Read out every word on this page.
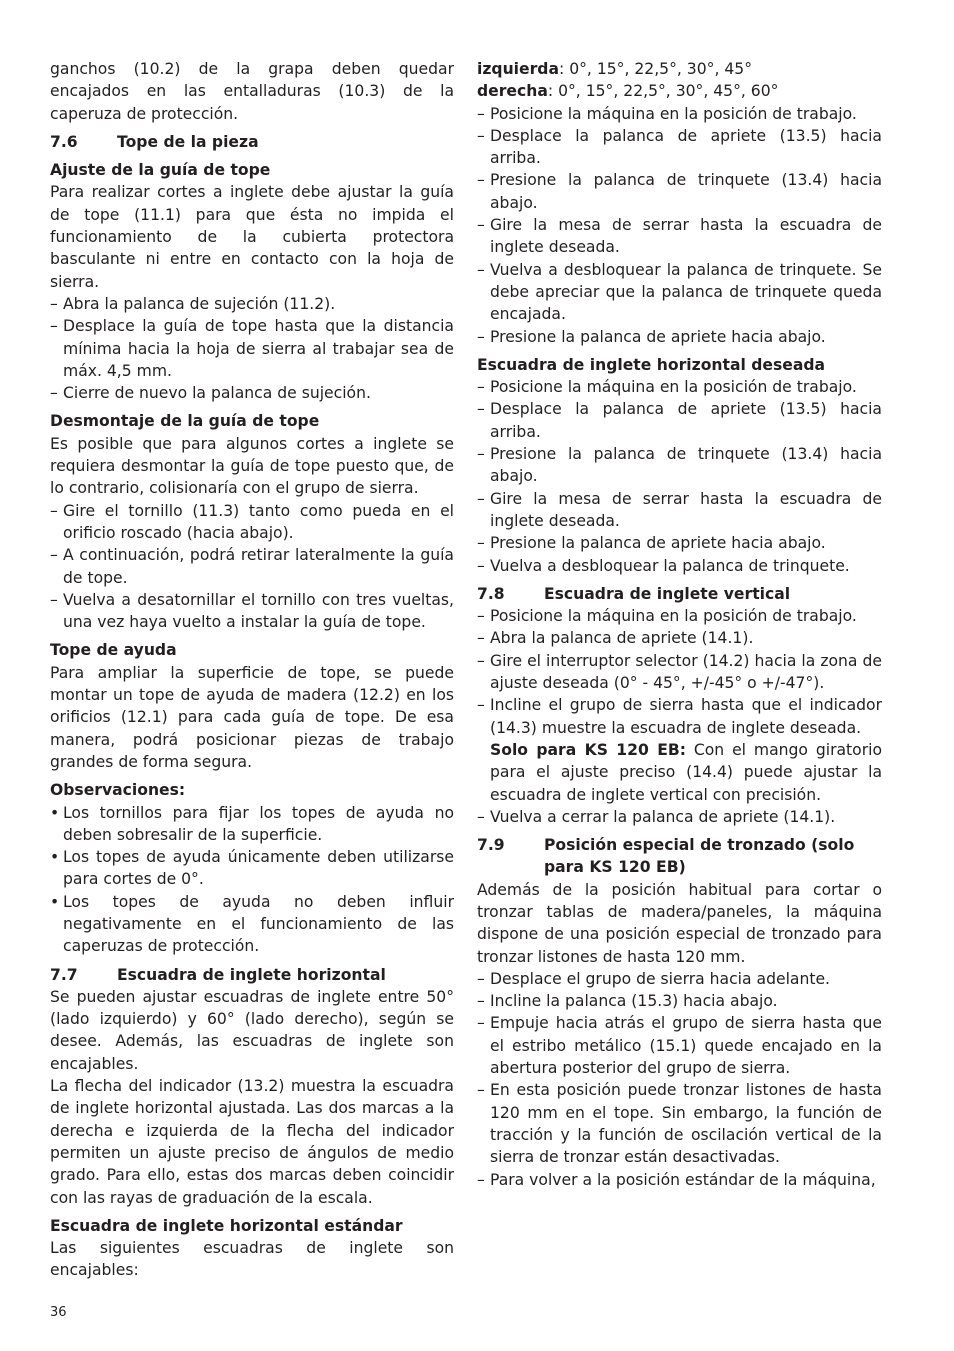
ganchos (10.2) de la grapa deben quedar encajados en las entalladuras (10.3) de la caperuza de protección.

7.6	Tope de la pieza
Ajuste de la guía de tope

Para realizar cortes a inglete debe ajustar la guía de tope (11.1) para que ésta no impida el funcionamiento de la cubierta protectora basculante ni entre en contacto con la hoja de sierra.

– Abra la palanca de sujeción (11.2).
– Desplace la guía de tope hasta que la distancia mínima hacia la hoja de sierra al trabajar sea de máx. 4,5 mm.
– Cierre de nuevo la palanca de sujeción.
Desmontaje de la guía de tope

Es posible que para algunos cortes a inglete se requiera desmontar la guía de tope puesto que, de lo contrario, colisionaría con el grupo de sierra.

– Gire el tornillo (11.3) tanto como pueda en el orificio roscado (hacia abajo).
– A continuación, podrá retirar lateralmente la guía de tope.
– Vuelva a desatornillar el tornillo con tres vueltas, una vez haya vuelto a instalar la guía de tope.
Tope de ayuda

Para ampliar la superficie de tope, se puede montar un tope de ayuda de madera (12.2) en los orificios (12.1) para cada guía de tope. De esa manera, podrá posicionar piezas de trabajo grandes de forma segura.

Observaciones:
• Los tornillos para fijar los topes de ayuda no deben sobresalir de la superficie.
• Los topes de ayuda únicamente deben utilizarse para cortes de 0°.
• Los topes de ayuda no deben influir negativamente en el funcionamiento de las caperuzas de protección.
7.7	Escuadra de inglete horizontal

Se pueden ajustar escuadras de inglete entre 50° (lado izquierdo) y 60° (lado derecho), según se desee. Además, las escuadras de inglete son encajables.

La flecha del indicador (13.2) muestra la escuadra de inglete horizontal ajustada. Las dos marcas a la derecha e izquierda de la flecha del indicador permiten un ajuste preciso de ángulos de medio grado. Para ello, estas dos marcas deben coincidir con las rayas de graduación de la escala.

Escuadra de inglete horizontal estándar

Las siguientes escuadras de inglete son encajables:

izquierda: 0°, 15°, 22,5°, 30°, 45°
derecha: 0°, 15°, 22,5°, 30°, 45°, 60°
– Posicione la máquina en la posición de trabajo.
– Desplace la palanca de apriete (13.5) hacia arriba.
– Presione la palanca de trinquete (13.4) hacia abajo.
– Gire la mesa de serrar hasta la escuadra de inglete deseada.
– Vuelva a desbloquear la palanca de trinquete. Se debe apreciar que la palanca de trinquete queda encajada.
– Presione la palanca de apriete hacia abajo.
Escuadra de inglete horizontal deseada
– Posicione la máquina en la posición de trabajo.
– Desplace la palanca de apriete (13.5) hacia arriba.
– Presione la palanca de trinquete (13.4) hacia abajo.
– Gire la mesa de serrar hasta la escuadra de inglete deseada.
– Presione la palanca de apriete hacia abajo.
– Vuelva a desbloquear la palanca de trinquete.
7.8	Escuadra de inglete vertical
– Posicione la máquina en la posición de trabajo.
– Abra la palanca de apriete (14.1).
– Gire el interruptor selector (14.2) hacia la zona de ajuste deseada (0° - 45°, +/-45° o +/-47°).
– Incline el grupo de sierra hasta que el indicador (14.3) muestre la escuadra de inglete deseada.
Solo para KS 120 EB: Con el mango giratorio para el ajuste preciso (14.4) puede ajustar la escuadra de inglete vertical con precisión.
– Vuelva a cerrar la palanca de apriete (14.1).
7.9	Posición especial de tronzado (solo para KS 120 EB)

Además de la posición habitual para cortar o tronzar tablas de madera/paneles, la máquina dispone de una posición especial de tronzado para tronzar listones de hasta 120 mm.

– Desplace el grupo de sierra hacia adelante.
– Incline la palanca (15.3) hacia abajo.
– Empuje hacia atrás el grupo de sierra hasta que el estribo metálico (15.1) quede encajado en la abertura posterior del grupo de sierra.
– En esta posición puede tronzar listones de hasta 120 mm en el tope. Sin embargo, la función de tracción y la función de oscilación vertical de la sierra de tronzar están desactivadas.
– Para volver a la posición estándar de la máquina,
36
